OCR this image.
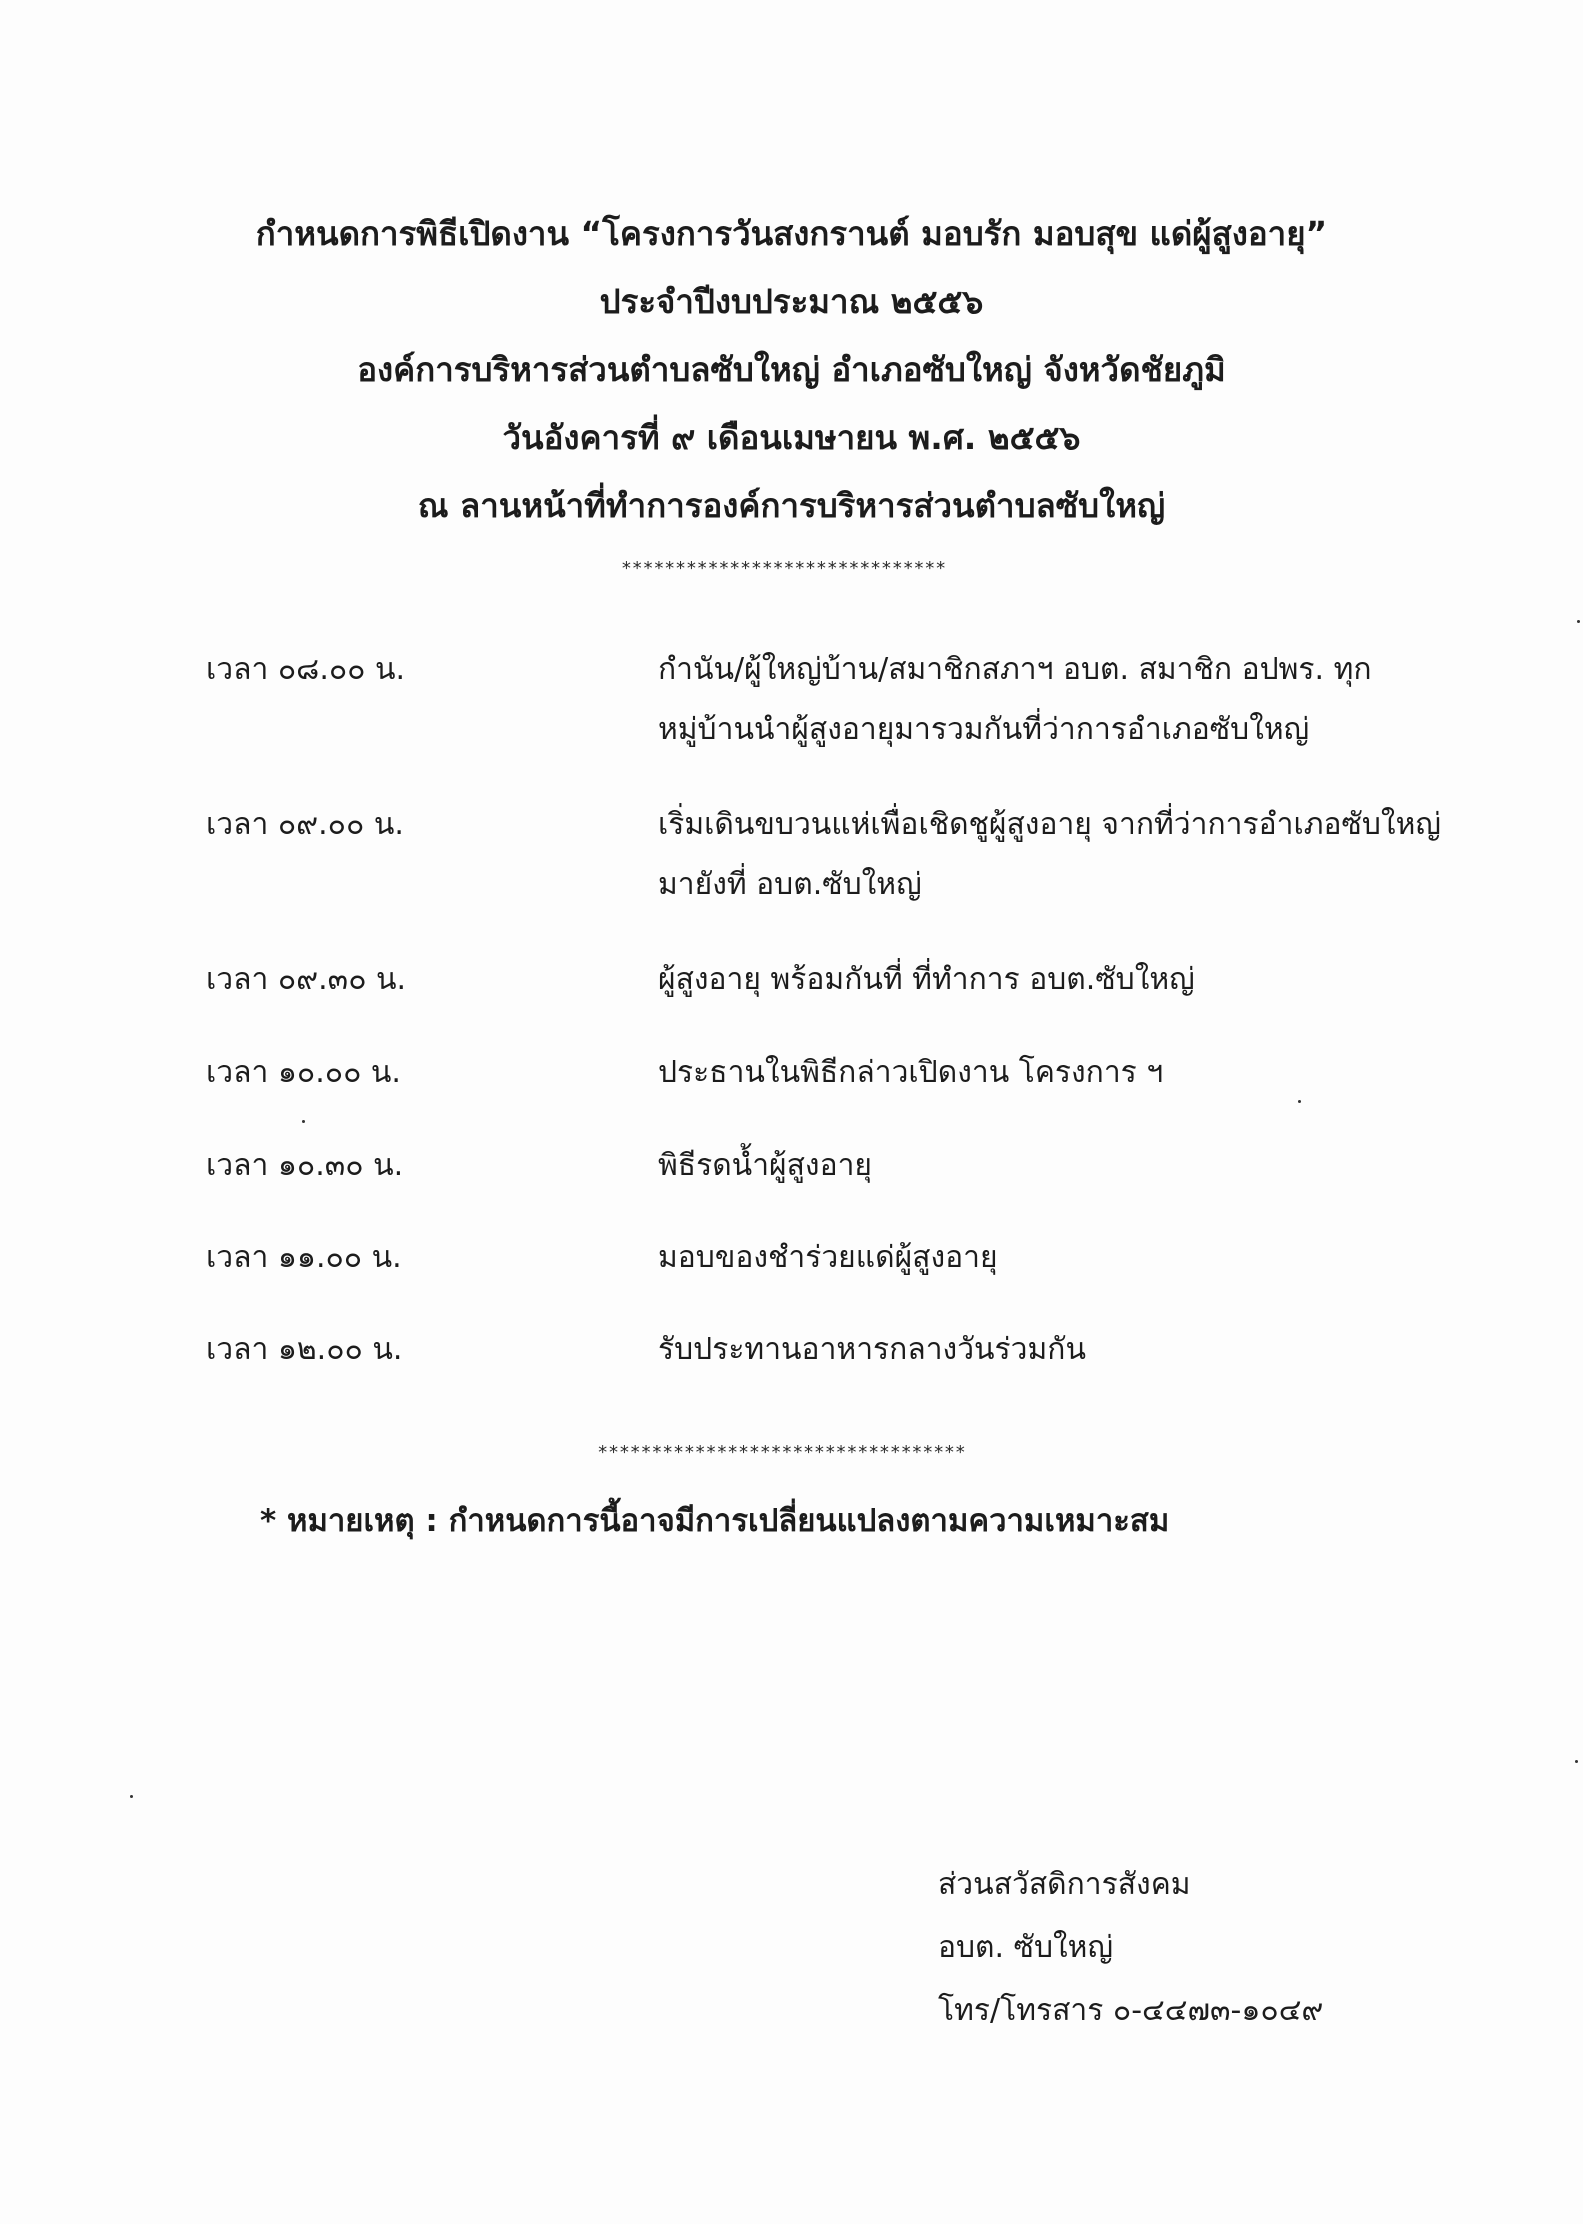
กำหนดการพิธีเปิดงาน “โครงการวันสงกรานต์ มอบรัก มอบสุข แด่ผู้สูงอายุ”
ประจำปีงบประมาณ ๒๕๕๖
องค์การบริหารส่วนตำบลซับใหญ่ อำเภอซับใหญ่ จังหวัดชัยภูมิ
วันอังคารที่ ๙ เดือนเมษายน พ.ศ. ๒๕๕๖
ณ ลานหน้าที่ทำการองค์การบริหารส่วนตำบลซับใหญ่
******************************
เวลา ๐๘.๐๐ น.	กำนัน/ผู้ใหญ่บ้าน/สมาชิกสภาฯ อบต. สมาชิก อปพร. ทุก
หมู่บ้านนำผู้สูงอายุมารวมกันที่ว่าการอำเภอซับใหญ่
เวลา ๐๙.๐๐ น.	เริ่มเดินขบวนแห่เพื่อเชิดชูผู้สูงอายุ จากที่ว่าการอำเภอซับใหญ่
มายังที่ อบต.ซับใหญ่
เวลา ๐๙.๓๐ น.	ผู้สูงอายุ พร้อมกันที่ ที่ทำการ อบต.ซับใหญ่
เวลา ๑๐.๐๐ น.	ประธานในพิธีกล่าวเปิดงาน โครงการ ฯ
เวลา ๑๐.๓๐ น.	พิธีรดน้ำผู้สูงอายุ
เวลา ๑๑.๐๐ น.	มอบของชำร่วยแด่ผู้สูงอายุ
เวลา ๑๒.๐๐ น.	รับประทานอาหารกลางวันร่วมกัน
**********************************
* หมายเหตุ : กำหนดการนี้อาจมีการเปลี่ยนแปลงตามความเหมาะสม
ส่วนสวัสดิการสังคม
อบต. ซับใหญ่
โทร/โทรสาร ๐-๔๔๗๓-๑๐๔๙
